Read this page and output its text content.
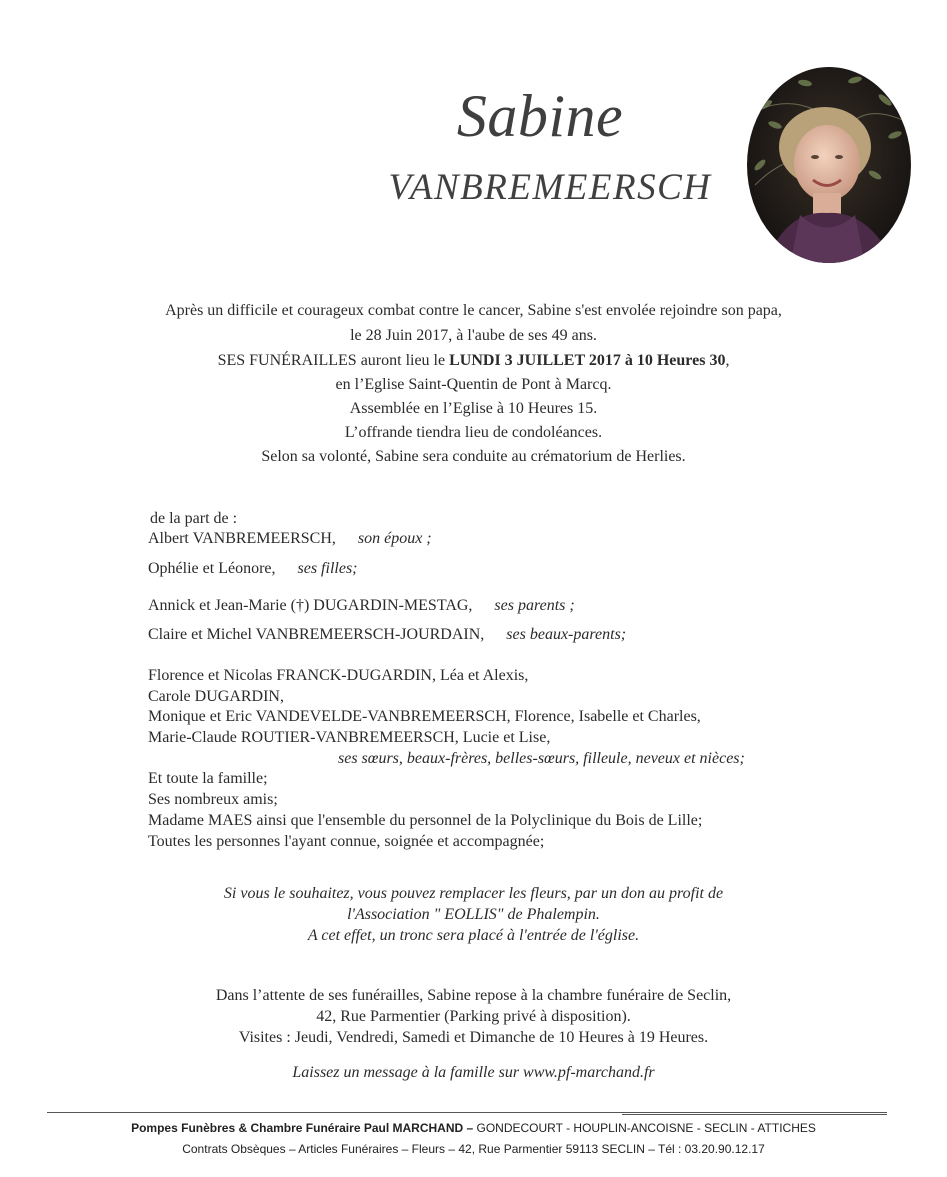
Sabine
VANBREMEERSCH
Après un difficile et courageux combat contre le cancer, Sabine s'est envolée rejoindre son papa,
le 28 Juin 2017, à l'aube de ses 49 ans.
SES FUNÉRAILLES auront lieu le LUNDI 3 JUILLET 2017 à 10 Heures 30,
en l’Eglise Saint-Quentin de Pont à Marcq.
Assemblée en l’Eglise à 10 Heures 15.
L’offrande tiendra lieu de condoléances.
Selon sa volonté, Sabine sera conduite au crématorium de Herlies.
de la part de :
Albert VANBREMEERSCH, son époux ;
Ophélie et Léonore, ses filles;
Annick et Jean-Marie (†) DUGARDIN-MESTAG, ses parents ;
Claire et Michel VANBREMEERSCH-JOURDAIN, ses beaux-parents;
Florence et Nicolas FRANCK-DUGARDIN, Léa et Alexis,
Carole DUGARDIN,
Monique et Eric VANDEVELDE-VANBREMEERSCH, Florence, Isabelle et Charles,
Marie-Claude ROUTIER-VANBREMEERSCH, Lucie et Lise,
ses sœurs, beaux-frères, belles-sœurs, filleule, neveux et nièces;
Et toute la famille;
Ses nombreux amis;
Madame MAES ainsi que l'ensemble du personnel de la Polyclinique du Bois de Lille;
Toutes les personnes l'ayant connue, soignée et accompagnée;
Si vous le souhaitez, vous pouvez remplacer les fleurs, par un don au profit de
l'Association " EOLLIS" de Phalempin.
A cet effet, un tronc sera placé à l'entrée de l'église.
Dans l’attente de ses funérailles, Sabine repose à la chambre funéraire de Seclin,
42, Rue Parmentier (Parking privé à disposition).
Visites : Jeudi, Vendredi, Samedi et Dimanche de 10 Heures à 19 Heures.
Laissez un message à la famille sur www.pf-marchand.fr
Pompes Funèbres & Chambre Funéraire Paul MARCHAND – GONDECOURT - HOUPLIN-ANCOISNE - SECLIN - ATTICHES
Contrats Obsèques – Articles Funéraires – Fleurs – 42, Rue Parmentier 59113 SECLIN – Tél : 03.20.90.12.17
